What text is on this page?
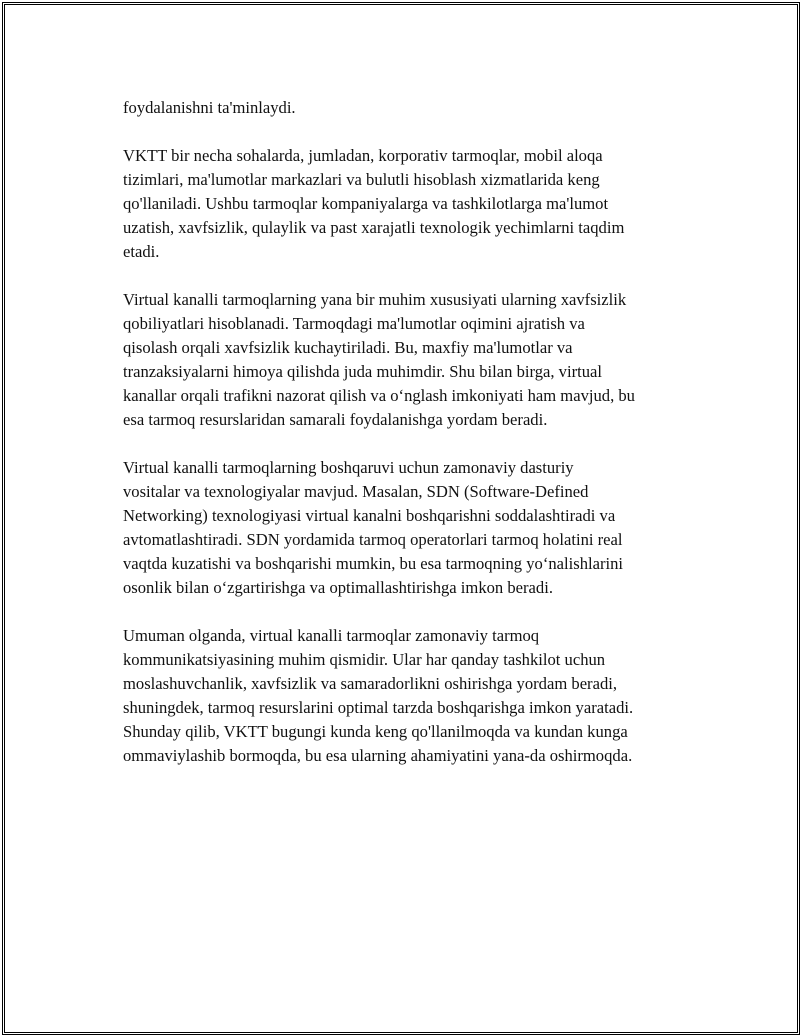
foydalanishni ta'minlaydi.

VKTT bir necha sohalarda, jumladan, korporativ tarmoqlar, mobil aloqa
tizimlari, ma'lumotlar markazlari va bulutli hisoblash xizmatlarida keng
qo'llaniladi. Ushbu tarmoqlar kompaniyalarga va tashkilotlarga ma'lumot
uzatish, xavfsizlik, qulaylik va past xarajatli texnologik yechimlarni taqdim
etadi.

Virtual kanalli tarmoqlarning yana bir muhim xususiyati ularning xavfsizlik
qobiliyatlari hisoblanadi. Tarmoqdagi ma'lumotlar oqimini ajratish va
qisolash orqali xavfsizlik kuchaytiriladi. Bu, maxfiy ma'lumotlar va
tranzaksiyalarni himoya qilishda juda muhimdir. Shu bilan birga, virtual
kanallar orqali trafikni nazorat qilish va o‘nglash imkoniyati ham mavjud, bu
esa tarmoq resurslaridan samarali foydalanishga yordam beradi.

Virtual kanalli tarmoqlarning boshqaruvi uchun zamonaviy dasturiy
vositalar va texnologiyalar mavjud. Masalan, SDN (Software-Defined
Networking) texnologiyasi virtual kanalni boshqarishni soddalashtiradi va
avtomatlashtiradi. SDN yordamida tarmoq operatorlari tarmoq holatini real
vaqtda kuzatishi va boshqarishi mumkin, bu esa tarmoqning yo‘nalishlarini
osonlik bilan o‘zgartirishga va optimallashtirishga imkon beradi.

Umuman olganda, virtual kanalli tarmoqlar zamonaviy tarmoq
kommunikatsiyasining muhim qismidir. Ular har qanday tashkilot uchun
moslashuvchanlik, xavfsizlik va samaradorlikni oshirishga yordam beradi,
shuningdek, tarmoq resurslarini optimal tarzda boshqarishga imkon yaratadi.
Shunday qilib, VKTT bugungi kunda keng qo'llanilmoqda va kundan kunga
ommaviylashib bormoqda, bu esa ularning ahamiyatini yana-da oshirmoqda.
